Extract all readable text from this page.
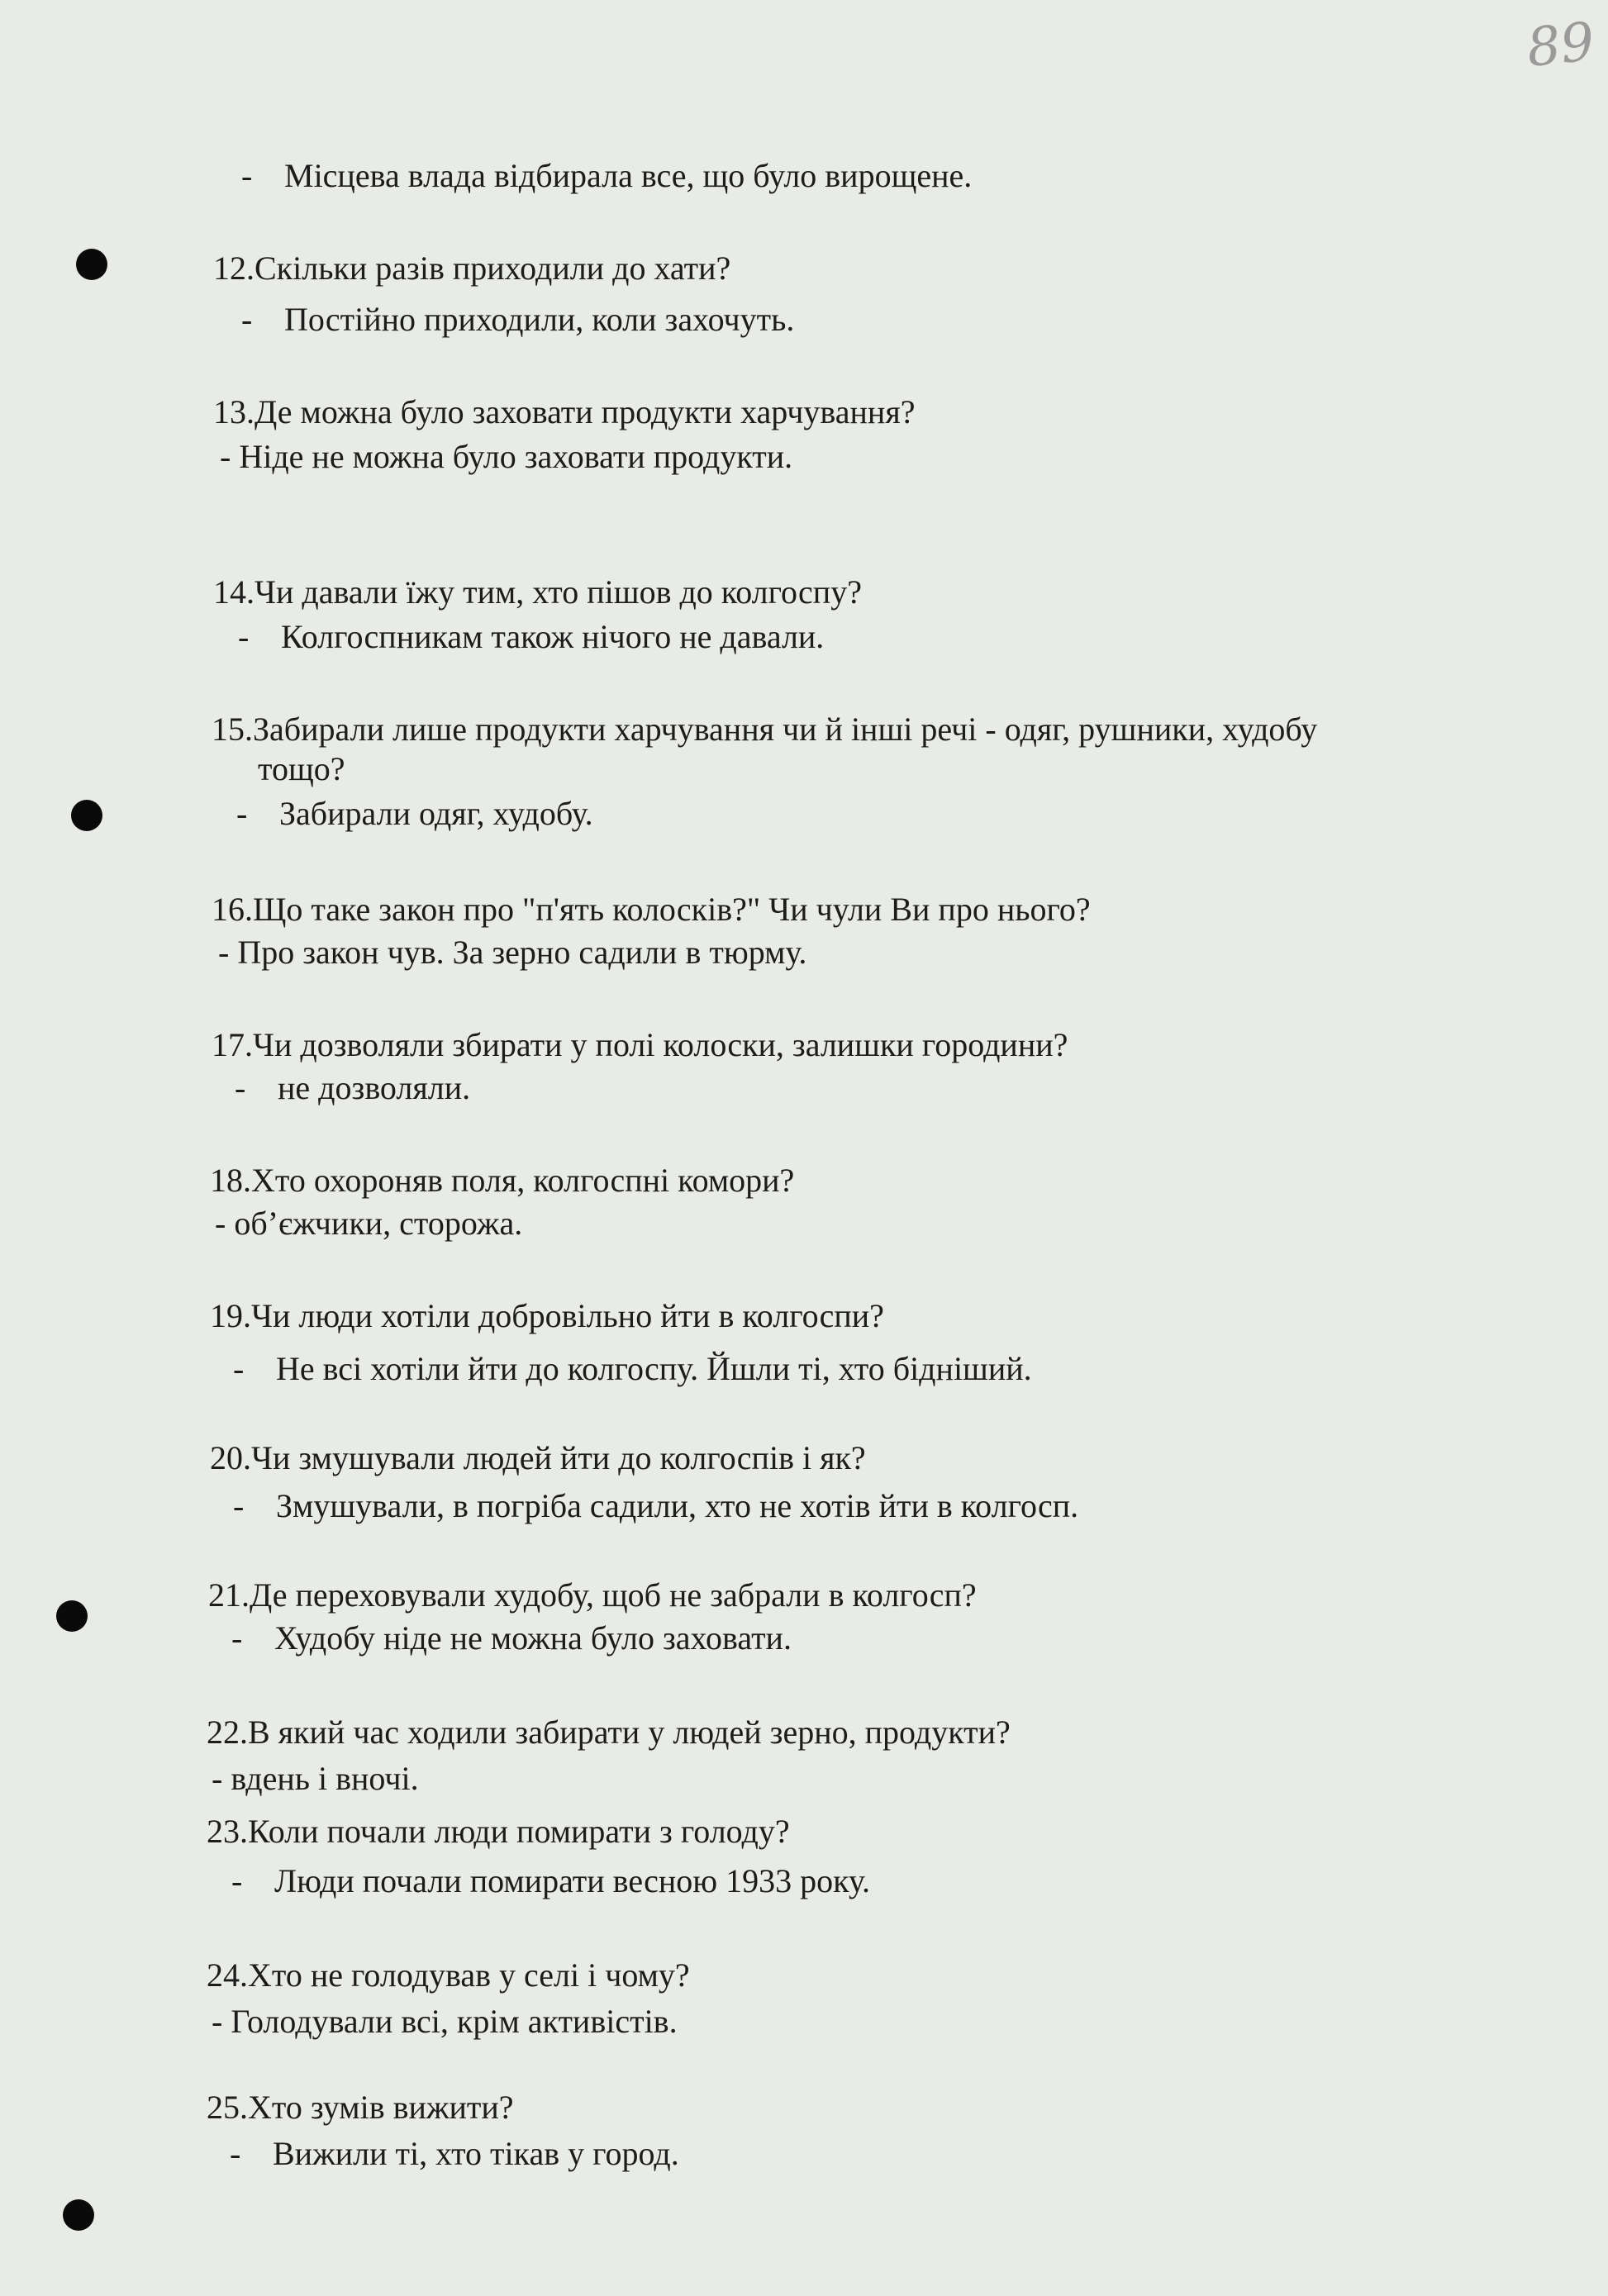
89
- Місцева влада відбирала все, що було вирощене.
12.Скільки разів приходили до хати?
- Постійно приходили, коли захочуть.
13.Де можна було заховати продукти харчування?
- Ніде не можна було заховати продукти.
14.Чи давали їжу тим, хто пішов до колгоспу?
- Колгоспникам також нічого не давали.
15.Забирали лише продукти харчування чи й інші речі - одяг, рушники, худобу
тощо?
- Забирали одяг, худобу.
16.Що таке закон про "п'ять колосків?" Чи чули Ви про нього?
- Про закон чув. За зерно садили в тюрму.
17.Чи дозволяли збирати у полі колоски, залишки городини?
- не дозволяли.
18.Хто охороняв поля, колгоспні комори?
- об’єжчики, сторожа.
19.Чи люди хотіли добровільно йти в колгоспи?
- Не всі хотіли йти до колгоспу. Йшли ті, хто бідніший.
20.Чи змушували людей йти до колгоспів і як?
- Змушували, в погріба садили, хто не хотів йти в колгосп.
21.Де переховували худобу, щоб не забрали в колгосп?
- Худобу ніде не можна було заховати.
22.В який час ходили забирати у людей зерно, продукти?
- вдень і вночі.
23.Коли почали люди помирати з голоду?
- Люди почали помирати весною 1933 року.
24.Хто не голодував у селі і чому?
- Голодували всі, крім активістів.
25.Хто зумів вижити?
- Вижили ті, хто тікав у город.
